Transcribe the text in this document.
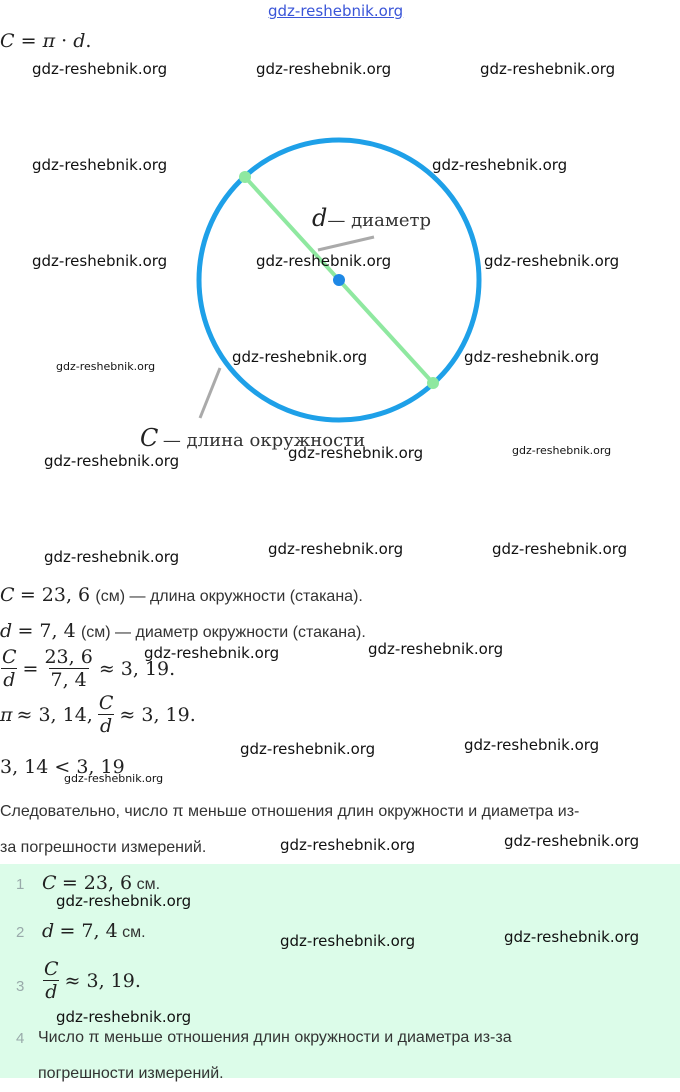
gdz-reshebnik.org
C = π · d.
d— диаметр
C — длина окружности
C = 23, 6 (см) — длина окружности (стакана).
d = 7, 4 (см) — диаметр окружности (стакана).
$\frac{C}{d} = \frac{23, 6}{7, 4} \approx 3$, 19.
π ≈ 3, 14, $\frac{C}{d} \approx 3$, 19.
3, 14 < 3, 19
Следовательно, число π меньше отношения длин окружности и диаметра из-
за погрешности измерений.
1 C = 23, 6 см.
2 d = 7, 4 см.
$3 \frac{C}{d} \approx 3$, 19.
4 Число π меньше отношения длин окружности и диаметра из-за
погрешности измерений.
gdz-reshebnik.org	gdz-reshebnik.org	gdz-reshebnik.org
gdz-reshebnik.org	gdz-reshebnik.org
gdz-reshebnik.org	gdz-reshebnik.org	gdz-reshebnik.org
gdz-reshebnik.org
gdz-reshebnik.org	gdz-reshebnik.org
gdz-reshebnik.org	gdz-reshebnik.org	gdz-reshebnik.org
gdz-reshebnik.org	gdz-reshebnik.org	gdz-reshebnik.org
gdz-reshebnik.org	gdz-reshebnik.org
gdz-reshebnik.org	gdz-reshebnik.org
gdz-reshebnik.org
gdz-reshebnik.org	gdz-reshebnik.org
gdz-reshebnik.org
gdz-reshebnik.org	gdz-reshebnik.org
gdz-reshebnik.org
